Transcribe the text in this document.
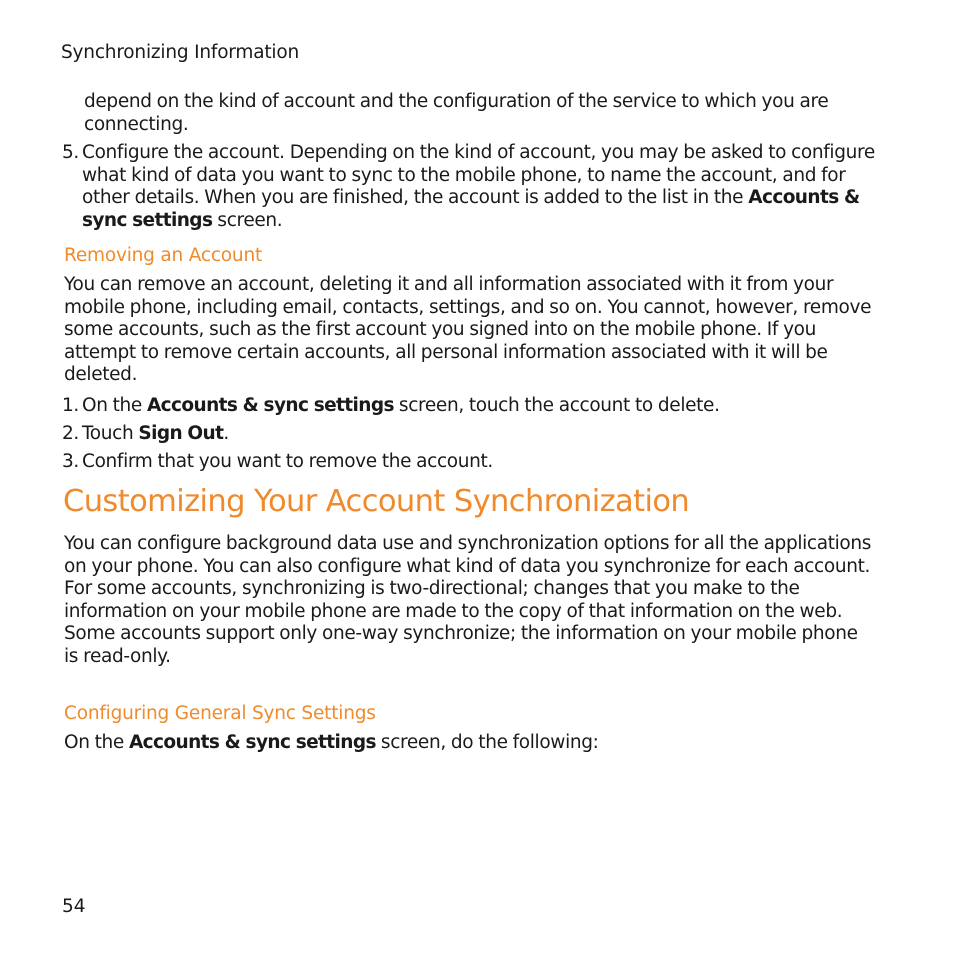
Synchronizing Information

depend on the kind of account and the configuration of the service to which you are connecting.

5. Configure the account. Depending on the kind of account, you may be asked to configure what kind of data you want to sync to the mobile phone, to name the account, and for other details. When you are finished, the account is added to the list in the Accounts & sync settings screen.
Removing an Account

You can remove an account, deleting it and all information associated with it from your mobile phone, including email, contacts, settings, and so on. You cannot, however, remove some accounts, such as the first account you signed into on the mobile phone. If you attempt to remove certain accounts, all personal information associated with it will be deleted.

1. On the Accounts & sync settings screen, touch the account to delete.
2. Touch Sign Out.
3. Confirm that you want to remove the account.
Customizing Your Account Synchronization

You can configure background data use and synchronization options for all the applications on your phone. You can also configure what kind of data you synchronize for each account.

For some accounts, synchronizing is two-directional; changes that you make to the information on your mobile phone are made to the copy of that information on the web. Some accounts support only one-way synchronize; the information on your mobile phone is read-only.

Configuring General Sync Settings

On the Accounts & sync settings screen, do the following:

54
